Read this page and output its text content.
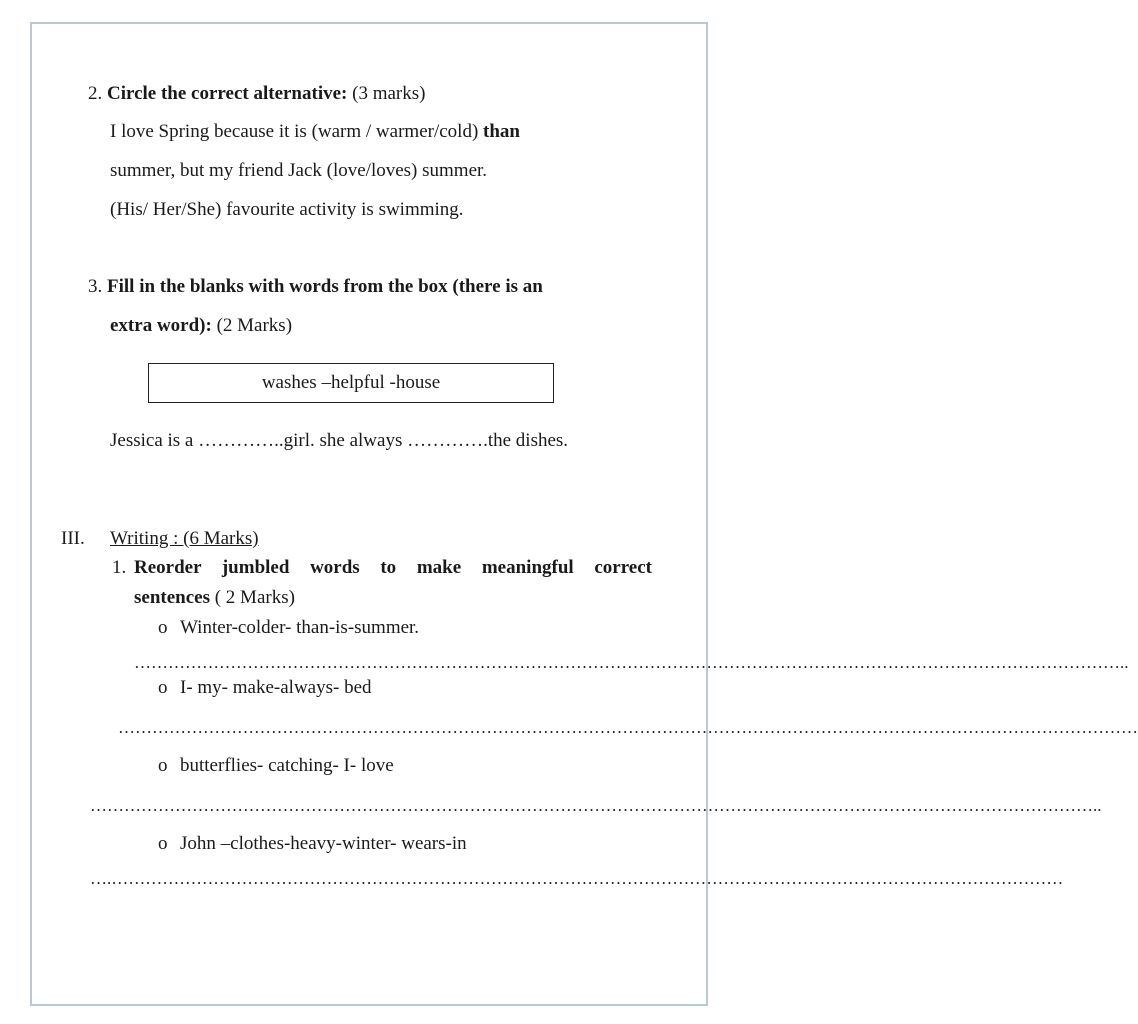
2. Circle the correct alternative: (3 marks)
I love Spring because it is (warm / warmer/cold) than
summer, but my friend Jack (love/loves) summer.
(His/ Her/She) favourite activity is swimming.
3. Fill in the blanks with words from the box (there is an
extra word): (2 Marks)
washes –helpful -house
Jessica is a …………..girl. she always ………….the dishes.
III. Writing : (6 Marks)
1. Reorder jumbled words to make meaningful correct
sentences ( 2 Marks)
o Winter-colder- than-is-summer.
…………………………………………………………………………………………………………………………………………………………..
o I- my- make-always- bed
………………………………………………………………………………………………………………………………………………………………
o butterflies- catching- I- love
……………………………………………………………………………………………………………………………………………………………..
o John –clothes-heavy-winter- wears-in
….……………………………………………………………………………………………………………………………………………………
